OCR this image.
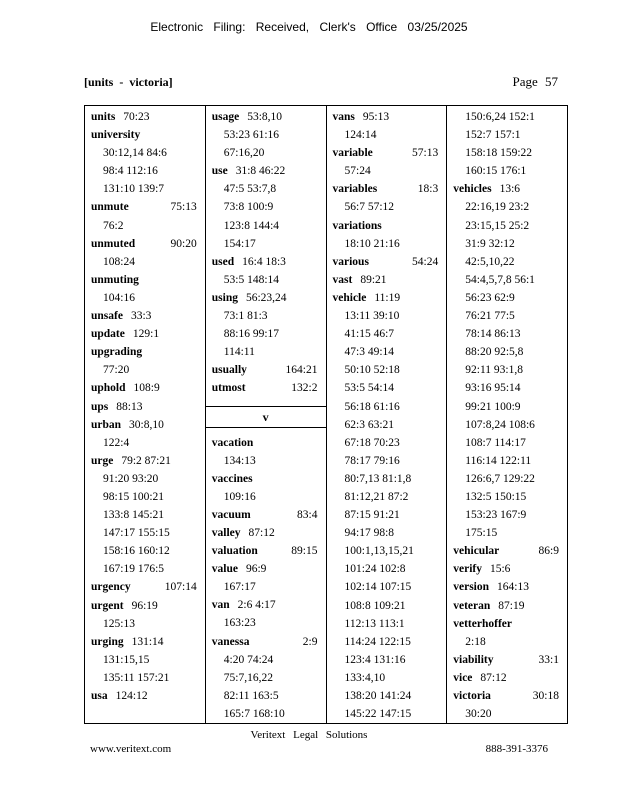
Electronic Filing: Received, Clerk's Office 03/25/2025
[units - victoria]	Page 57
units 70:23
university
30:12,14 84:6
98:4 112:16
131:10 139:7
unmute	75:13
76:2
unmuted	90:20
108:24
unmuting
104:16
unsafe 33:3
update 129:1
upgrading
77:20
uphold 108:9
ups 88:13
urban 30:8,10
122:4
urge 79:2 87:21
91:20 93:20
98:15 100:21
133:8 145:21
147:17 155:15
158:16 160:12
167:19 176:5
urgency	107:14
urgent 96:19
125:13
urging 131:14
131:15,15
135:11 157:21
usa 124:12
usage 53:8,10
53:23 61:16
67:16,20
use 31:8 46:22
47:5 53:7,8
73:8 100:9
123:8 144:4
154:17
used 16:4 18:3
53:5 148:14
using 56:23,24
73:1 81:3
88:16 99:17
114:11
usually	164:21
utmost	132:2
v
vacation
134:13
vaccines
109:16
vacuum	83:4
valley 87:12
valuation	89:15
value 96:9
167:17
van 2:6 4:17
163:23
vanessa	2:9
4:20 74:24
75:7,16,22
82:11 163:5
165:7 168:10
vans 95:13
124:14
variable	57:13
57:24
variables	18:3
56:7 57:12
variations
18:10 21:16
various	54:24
vast 89:21
vehicle 11:19
13:11 39:10
41:15 46:7
47:3 49:14
50:10 52:18
53:5 54:14
56:18 61:16
62:3 63:21
67:18 70:23
78:17 79:16
80:7,13 81:1,8
81:12,21 87:2
87:15 91:21
94:17 98:8
100:1,13,15,21
101:24 102:8
102:14 107:15
108:8 109:21
112:13 113:1
114:24 122:15
123:4 131:16
133:4,10
138:20 141:24
145:22 147:15
150:6,24 152:1
152:7 157:1
158:18 159:22
160:15 176:1
vehicles 13:6
22:16,19 23:2
23:15,15 25:2
31:9 32:12
42:5,10,22
54:4,5,7,8 56:1
56:23 62:9
76:21 77:5
78:14 86:13
88:20 92:5,8
92:11 93:1,8
93:16 95:14
99:21 100:9
107:8,24 108:6
108:7 114:17
116:14 122:11
126:6,7 129:22
132:5 150:15
153:23 167:9
175:15
vehicular	86:9
verify 15:6
version 164:13
veteran 87:19
vetterhoffer
2:18
viability	33:1
vice 87:12
victoria	30:18
30:20
Veritext Legal Solutions
www.veritext.com	888-391-3376
